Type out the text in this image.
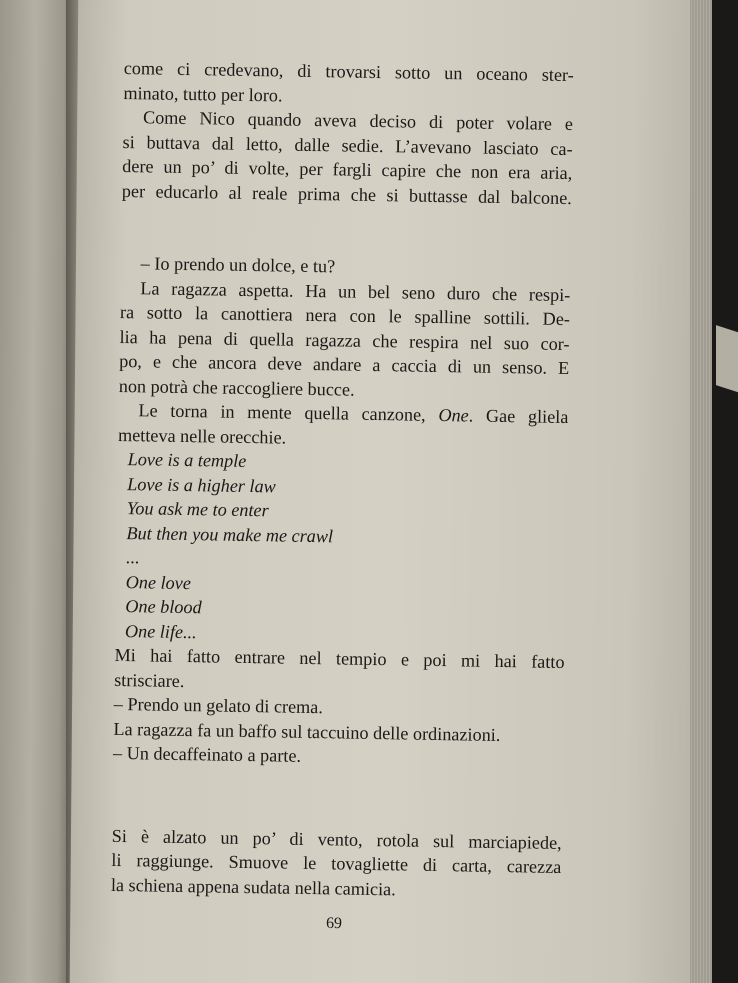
come ci credevano, di trovarsi sotto un oceano ster-
minato, tutto per loro.
Come Nico quando aveva deciso di poter volare e
si buttava dal letto, dalle sedie. L’avevano lasciato ca-
dere un po’ di volte, per fargli capire che non era aria,
per educarlo al reale prima che si buttasse dal balcone.
– Io prendo un dolce, e tu?
La ragazza aspetta. Ha un bel seno duro che respi-
ra sotto la canottiera nera con le spalline sottili. De-
lia ha pena di quella ragazza che respira nel suo cor-
po, e che ancora deve andare a caccia di un senso. E
non potrà che raccogliere bucce.
Le torna in mente quella canzone, One. Gae gliela
metteva nelle orecchie.
Love is a temple
Love is a higher law
You ask me to enter
But then you make me crawl
...
One love
One blood
One life...
Mi hai fatto entrare nel tempio e poi mi hai fatto
strisciare.
– Prendo un gelato di crema.
La ragazza fa un baffo sul taccuino delle ordinazioni.
– Un decaffeinato a parte.
Si è alzato un po’ di vento, rotola sul marciapiede,
li raggiunge. Smuove le tovagliette di carta, carezza
la schiena appena sudata nella camicia.
69
